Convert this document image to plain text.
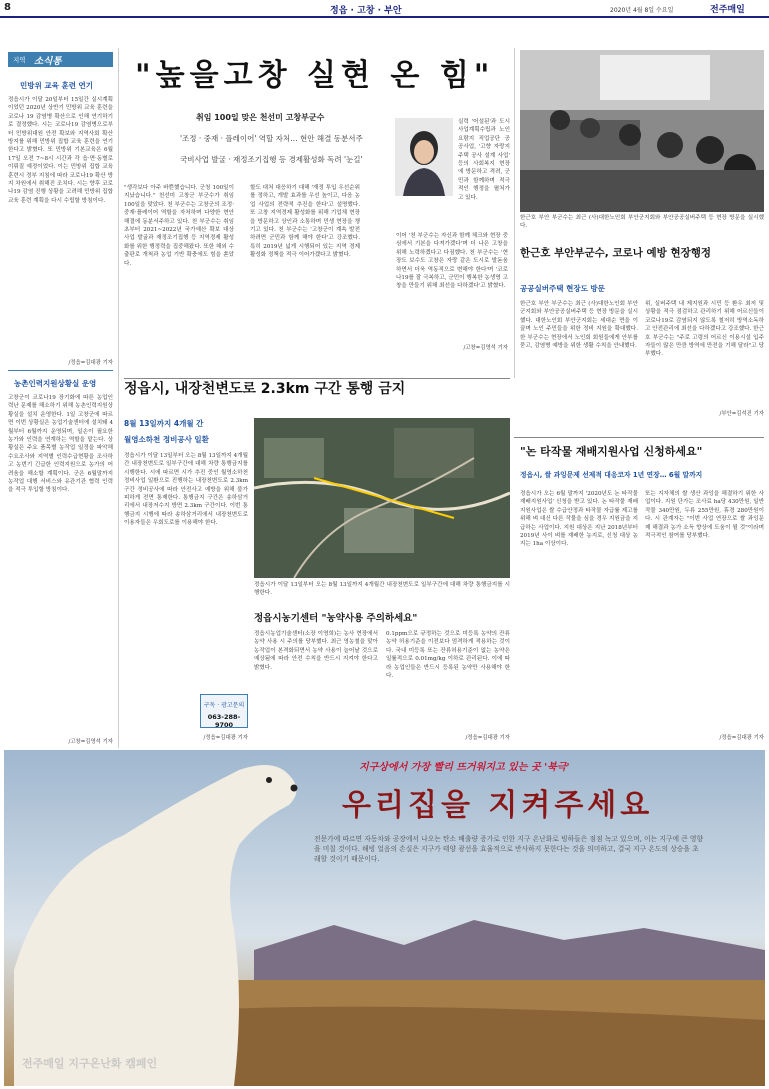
8	정읍 · 고창 · 부안	2020년 4월 8일 수요일	전주매일
지역 소식통
민방위 교육 훈련 연기
정읍시가 이달 20일부터 15일간 실시계획이었던 2020년 상반기 민방위 교육 훈련을 코로나 19 감염병 확산으로 인해 연기하기로 결정했다. 시는 코로나19 감염병으로부터 민방위대원 안전 확보와 지역사회 확산 방지를 위해 민방위 집합 교육 훈련을 연기한다고 밝혔다. 또 민방위 기본교육은 6월 17일 오전 7~8시 시간과 각 읍·면·동별로 이뤄질 예정이었다. 이는 민방위 집합 교육 훈련시 정부 지침에 따라 코로나19 확산 방지 차원에서 취해진 조치다. 시는 향후 코로나19 감염 진행 상황을 고려해 민방위 집합 교육 훈련 계획을 다시 수립할 방침이다.
/정읍=김대광 기자
농촌인력지원상황실 운영
고창군이 코로나19 장기화에 따른 농업인력난 문제를 해소하기 위해 농촌인력지원상황실을 설치 운영한다. 1일 고창군에 따르면 이번 상황실은 농업기술센터에 설치돼 4월부터 6월까지 운영되며, 일손이 필요한 농가와 인력을 연계하는 역할을 맡는다. 상황실은 주요 품목별 농작업 일정을 파악해 수요조사와 지역별 인력수급현황을 조사하고 농번기 긴급한 인력지원으로 농가의 어려움을 해소할 계획이다. 군은 6월말까지 농작업 대행 서비스와 유관기관 협력 인력을 적극 투입할 방침이다.
/고창=김영석 기자
"높을고창 실현 온 힘"
취임 100일 맞은 천선미 고창부군수
'조정 · 중재 · 플레이어' 역할 자처… 현안 해결 동분서주
국비사업 발굴 · 재정조기집행 등 경제활성화 독려 '눈길'
실력 '어설된'과 도시 사업계획수립과 노인 요람지 직업공단 공공사업, '고향 자랑지주택 공사 설계 사업' 등의 사회복지 현장에 방문하고 격려, 군민과 함께하며 적극적인 행정을 펼쳐가고 있다.
"생각보다 아주 바쁜했습니다. 군청 100일이 지났습니다." 천선미 고창군 부군수가 취임 100일을 맞았다. 천 부군수는 고창군의 조정·중재·플레이어 역할을 자처하며 다양한 현안 해결에 동분서주하고 있다. 천 부군수는 취임 초부터 2021~2022년 국가예산 확보 대상사업 발굴과 재정조기집행 등 지역경제 활성화를 위한 행정력을 집중해왔다. 또한 해외 수출판로 개척과 농업 기반 확충에도 힘을 쏟았다.
할도 대처 대응하기 대해 '재정 투입 우선순위를 정하고, 개발 효과를 우선 높이고, 다음 농업 사업의 전략적 추진을 한다'고 설명했다. 또 고창 지역경제 활성화를 위해 기업체 현장을 방문하고 상인과 소통하며 민생 현장을 챙기고 있다. 천 부군수는 '고창군이 계속 발전하려면 군민과 함께 해야 한다'고 강조했다. 특히 2019년 넓게 시행되어 있는 지역 경제 활성화 정책을 적극 이어가겠다고 밝혔다.
이어 '천 부군수는 자신과 함께 체크와 현장 중심에서 기본을 다져가겠다'며 더 나은 고창을 위해 노력하겠다고 다짐했다. 천 부군수는 '현장도 보수도 고창은 자랑 같은 도시로 발돋움하면서 더욱 역동적으로 변해야 한다'며 '코로나19를 잘 극복하고, 군민이 행복한 농생명 고창을 만들기 위해 최선을 다하겠다'고 밝혔다.
/고창=김영석 기자
한근호 부안 부군수는 최근 (사)대한노인회 부안군지회와 부안공공실버주택 등 현장 방문을 실시했다.
한근호 부안부군수, 코로나 예방 현장행정
공공실버주택 현장도 방문
한근호 부안 부군수는 최근 (사)대한노인회 부안군지회와 부안공공실버주택 등 현장 방문을 실시했다. 대한노인회 부안군지회는 세대순 면을 이끌며 노인 주민들을 위한 정비 지원을 확대했다. 한 부군수는 현장에서 노인회 회원들에게 안부를 묻고, 감염병 예방을 위한 생활 수칙을 안내했다.
위, 실버주택 내 제지원과 시민 등 환우 최저 및 상황을 적극 점검하고 관리하기 위해 어르신들이 코로나19로 감염되지 않도록 철저히 방역소독하고 안전관리에 최선을 다하겠다고 강조했다. 한근호 부군수는 "주로 고령의 어르신 이용시설 입주자들이 많은 만큼 방역에 만전을 기해 달라"고 당부했다.
/부안=김석진 기자
정읍시, 내장천변도로 2.3km 구간 통행 금지
8월 13일까지 4개월 간
월영소하천 정비공사 일환
정읍시가 이달 13일부터 오는 8월 13일까지 4개월간 내장천변도로 일부구간에 대해 차량 통행금지를 시행한다. 시에 따르면 시가 추진 중인 월영소하천 정비사업 일환으로 진행하는 내장천변도로 2.3km 구간 정비공사에 따라 안전사고 예방을 위해 불가피하게 전면 통제한다. 통행금지 구간은 송하삼거리에서 내장저수지 방면 2.3km 구간이다. 이번 통행금지 시행에 따라 송하삼거리에서 내장천변도로 이용자들은 우회도로를 이용해야 한다.
/정읍=김대광 기자
정읍시가 이달 13일부터 오는 8월 13일까지 4개월간 내장천변도로 일부구간에 대해 차량 통행금지를 시행한다.
정읍시농기센터 "농약사용 주의하세요"
정읍시농업기술센터(소장 이영희)는 농사 현장에서 농약 사용 시 주의를 당부했다. 최근 영농철을 맞아 농작업이 본격화되면서 농약 사용이 늘어날 것으로 예상됨에 따라 안전 수칙을 반드시 지켜야 한다고 밝혔다.
0.1ppm으로 규정하는 것으로 미등록 농약의 잔류농약 허용기준을 이전보다 엄격하게 적용하는 것이다. 국내 미등록 또는 잔류허용기준이 없는 농약은 일률적으로 0.01mg/kg 이하로 관리된다. 이에 따라 농업인들은 반드시 등록된 농약만 사용해야 한다.
/정읍=김대광 기자
구독 · 광고문의
063-288-9700
"논 타작물 재배지원사업 신청하세요"
정읍시, 쌀 과잉문제 선제적 대응코자 1년 연장… 6월 말까지
정읍시가 오는 6월 말까지 '2020년도 논 타작물 재배지원사업' 신청을 받고 있다. 논 타작물 재배지원사업은 쌀 수급안정과 타작물 자급률 제고를 위해 벼 대신 다른 작물을 심을 경우 지원금을 지급하는 사업이다. 지원 대상은 지난 2018년부터 2019년 사이 벼를 재배한 농지로, 신청 대상 농지는 1ha 이상이다.
또는 지자체의 쌀 생산 과잉을 해결하기 위한 사업이다. 지원 단가는 조사료 ha당 430만원, 일반작물 340만원, 두류 255만원, 휴경 280만원이다. 시 관계자는 "이번 사업 연장으로 쌀 과잉문제 해결과 농가 소득 향상에 도움이 될 것"이라며 적극적인 참여를 당부했다.
/정읍=김대광 기자
지구상에서 가장 빨리 뜨거워지고 있는 곳 '북극'
우리집을 지켜주세요
전문가에 따르면 자동차와 공장에서 나오는 탄소 배출량 증가로 인한 지구 온난화로 빙하들은 점점 녹고 있으며, 이는 지구에 큰 영향을 미칠 것이다. 해빙 얼음의 손실은 지구가 태양 광선을 효율적으로 반사하지 못한다는 것을 의미하고, 결국 지구 온도의 상승을 초래할 것이기 때문이다.
전주매일 지구온난화 캠페인
